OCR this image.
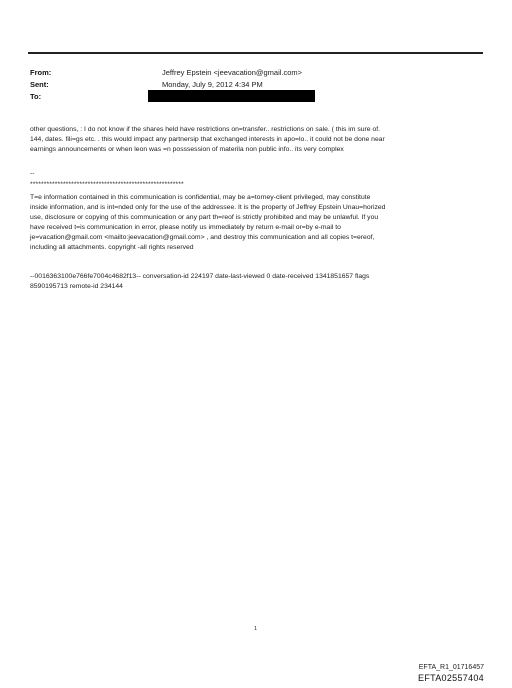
From:	Jeffrey Epstein <jeevacation@gmail.com>
Sent:	Monday, July 9, 2012 4:34 PM
To:
other questions, : I do not know if the shares held have restrictions on=transfer.. restrictions on sale. ( this im sure of.
144, dates. fili=gs etc. . this would impact any partnersip that exchanged interests in apo=lo.. it could not be done near
earnings announcements or when leon was =n posssession of materila non public info.. its very complex
--
********************************************************
T=e information contained in this communication is confidential, may be a=torney-client privileged, may constitute
inside information, and is int=nded only for the use of the addressee. It is the property of Jeffrey Epstein Unau=horized
use, disclosure or copying of this communication or any part th=reof is strictly prohibited and may be unlawful. If you
have received t=is communication in error, please notify us immediately by return e-mail or=by e-mail to
je=vacation@gmail.com <mailto:jeevacation@gmail.com> , and destroy this communication and all copies t=ereof,
including all attachments. copyright -all rights reserved
--0016363100e766fe7004c4682f13-- conversation-id 224197 date-last-viewed 0 date-received 1341851657 flags
8590195713 remote-id 234144
1
EFTA_R1_01716457
EFTA02557404
